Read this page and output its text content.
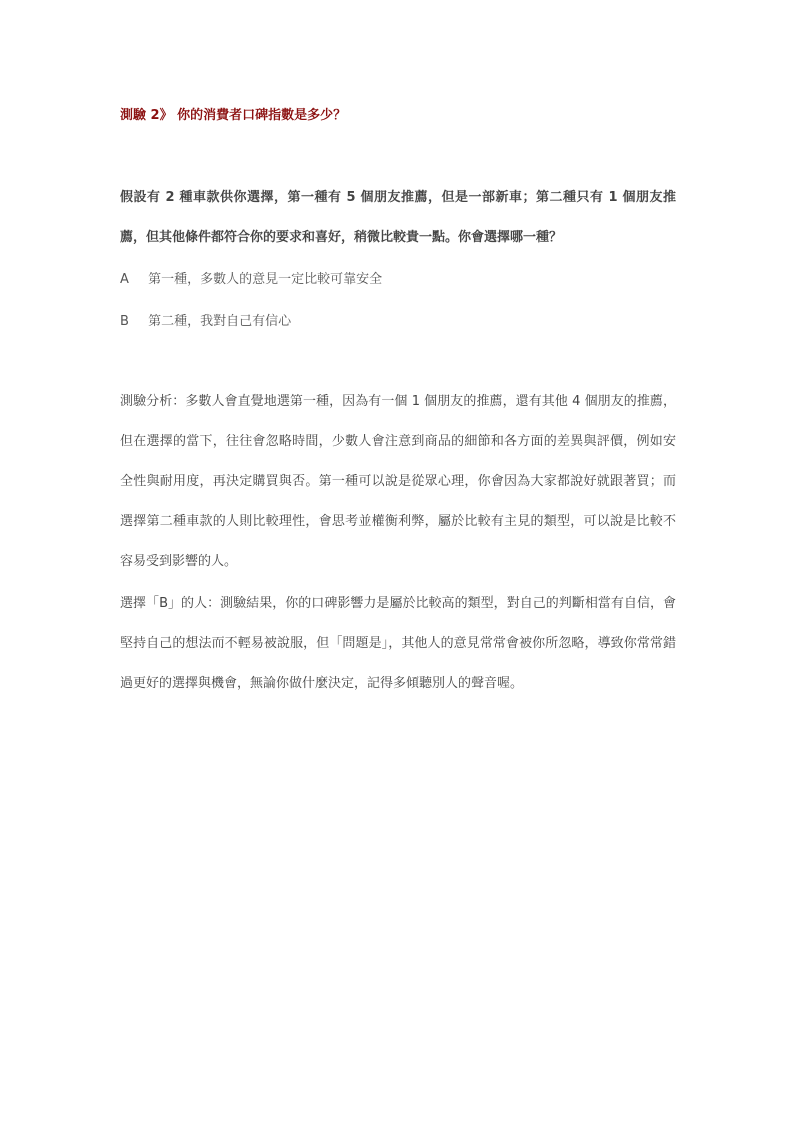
測驗 2》 你的消費者口碑指數是多少？
假設有 2 種車款供你選擇，第一種有 5 個朋友推薦，但是一部新車；第二種只有 1 個朋友推薦，但其他條件都符合你的要求和喜好，稍微比較貴一點。你會選擇哪一種？
A 第一種，多數人的意見一定比較可靠安全
B 第二種，我對自己有信心
測驗分析：多數人會直覺地選第一種，因為有一個 1 個朋友的推薦，還有其他 4 個朋友的推薦，但在選擇的當下，往往會忽略時間，少數人會注意到商品的細節和各方面的差異與評價，例如安全性與耐用度，再決定購買與否。第一種可以說是從眾心理，你會因為大家都說好就跟著買；而選擇第二種車款的人則比較理性，會思考並權衡利弊，屬於比較有主見的類型，可以說是比較不容易受到影響的人。
選擇「B」的人：測驗結果，你的口碑影響力是屬於比較高的類型，對自己的判斷相當有自信，會堅持自己的想法而不輕易被說服，但「問題是」，其他人的意見常常會被你所忽略，導致你常常錯過更好的選擇與機會，無論你做什麼決定，記得多傾聽別人的聲音喔。
